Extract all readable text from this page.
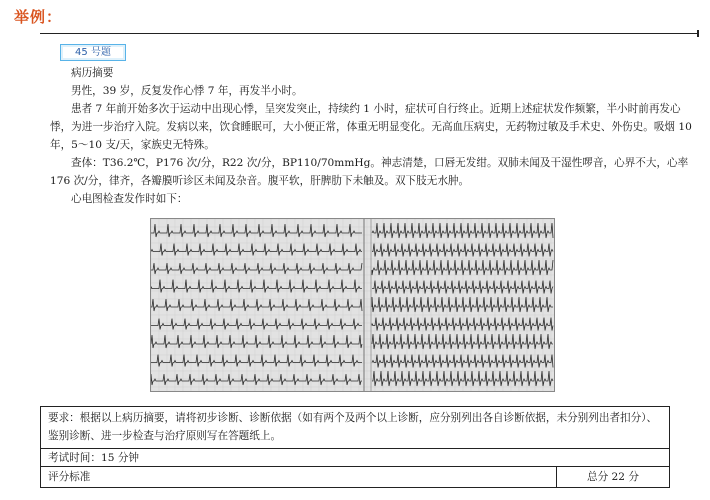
举例：
45 号题

病历摘要

男性，39 岁，反复发作心悸 7 年，再发半小时。

患者 7 年前开始多次于运动中出现心悸，呈突发突止，持续约 1 小时，症状可自行终止。近期上述症状发作频繁，半小时前再发心悸，为进一步治疗入院。发病以来，饮食睡眠可，大小便正常，体重无明显变化。无高血压病史，无药物过敏及手术史、外伤史。吸烟 10 年，5～10 支/天，家族史无特殊。

查体：T36.2℃，P176 次/分，R22 次/分，BP110/70mmHg。神志清楚，口唇无发绀。双肺未闻及干湿性啰音，心界不大，心率 176 次/分，律齐，各瓣膜听诊区未闻及杂音。腹平软，肝脾肋下未触及。双下肢无水肿。

心电图检查发作时如下：

要求：根据以上病历摘要，请将初步诊断、诊断依据（如有两个及两个以上诊断，应分别列出各自诊断依据，未分别列出者扣分）、鉴别诊断、进一步检查与治疗原则写在答题纸上。
考试时间：15 分钟
评分标准	总分 22 分
